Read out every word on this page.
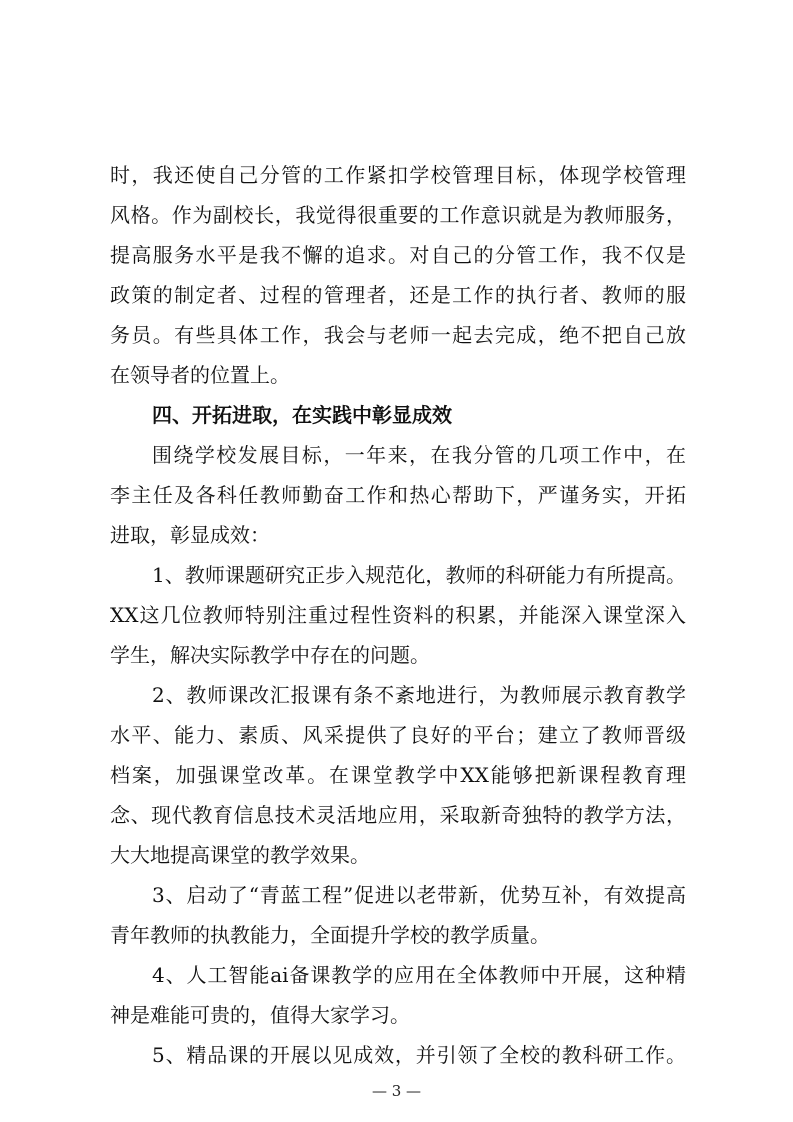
时，我还使自己分管的工作紧扣学校管理目标，体现学校管理
风格。作为副校长，我觉得很重要的工作意识就是为教师服务，
提高服务水平是我不懈的追求。对自己的分管工作，我不仅是
政策的制定者、过程的管理者，还是工作的执行者、教师的服
务员。有些具体工作，我会与老师一起去完成，绝不把自己放
在领导者的位置上。
四、开拓进取，在实践中彰显成效
围绕学校发展目标，一年来，在我分管的几项工作中，在
李主任及各科任教师勤奋工作和热心帮助下，严谨务实，开拓
进取，彰显成效：
1、教师课题研究正步入规范化，教师的科研能力有所提高。
XX这几位教师特别注重过程性资料的积累，并能深入课堂深入
学生，解决实际教学中存在的问题。
2、教师课改汇报课有条不紊地进行，为教师展示教育教学
水平、能力、素质、风采提供了良好的平台；建立了教师晋级
档案，加强课堂改革。在课堂教学中XX能够把新课程教育理
念、现代教育信息技术灵活地应用，采取新奇独特的教学方法，
大大地提高课堂的教学效果。
3、启动了“青蓝工程”促进以老带新，优势互补，有效提高
青年教师的执教能力，全面提升学校的教学质量。
4、人工智能ai备课教学的应用在全体教师中开展，这种精
神是难能可贵的，值得大家学习。
5、精品课的开展以见成效，并引领了全校的教科研工作。
— 3 —
